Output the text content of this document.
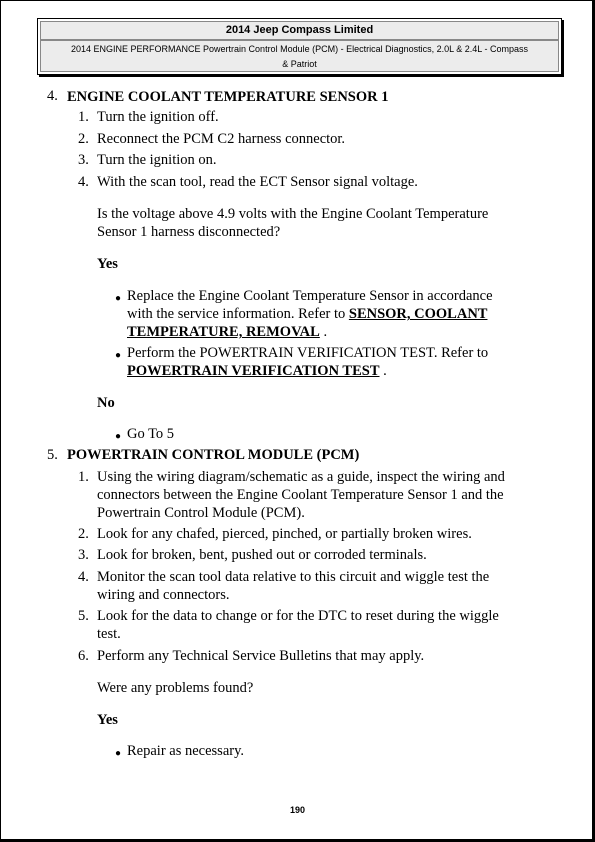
2014 Jeep Compass Limited
2014 ENGINE PERFORMANCE Powertrain Control Module (PCM) - Electrical Diagnostics, 2.0L & 2.4L - Compass
& Patriot
4. ENGINE COOLANT TEMPERATURE SENSOR 1
1. Turn the ignition off.
2. Reconnect the PCM C2 harness connector.
3. Turn the ignition on.
4. With the scan tool, read the ECT Sensor signal voltage.
Is the voltage above 4.9 volts with the Engine Coolant Temperature
Sensor 1 harness disconnected?
Yes
● Replace the Engine Coolant Temperature Sensor in accordance
with the service information. Refer to SENSOR, COOLANT
TEMPERATURE, REMOVAL .
● Perform the POWERTRAIN VERIFICATION TEST. Refer to
POWERTRAIN VERIFICATION TEST .
No
● Go To 5
5. POWERTRAIN CONTROL MODULE (PCM)
1. Using the wiring diagram/schematic as a guide, inspect the wiring and
connectors between the Engine Coolant Temperature Sensor 1 and the
Powertrain Control Module (PCM).
2. Look for any chafed, pierced, pinched, or partially broken wires.
3. Look for broken, bent, pushed out or corroded terminals.
4. Monitor the scan tool data relative to this circuit and wiggle test the
wiring and connectors.
5. Look for the data to change or for the DTC to reset during the wiggle
test.
6. Perform any Technical Service Bulletins that may apply.
Were any problems found?
Yes
● Repair as necessary.
190
